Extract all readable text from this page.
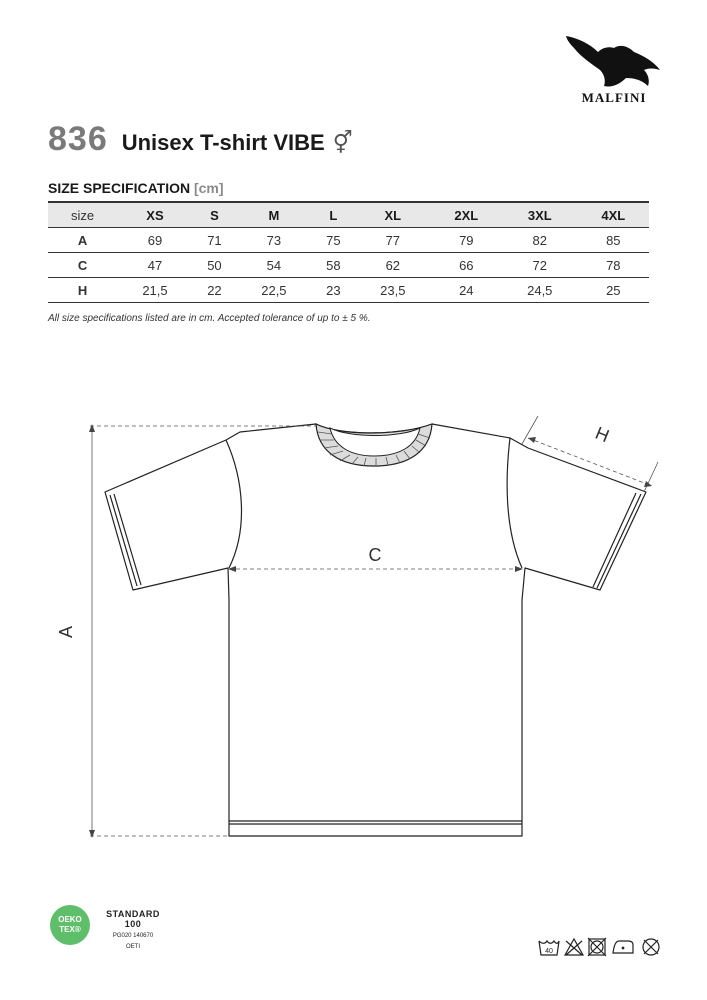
MALFINI
836 Unisex T-shirt VIBE ⚥
SIZE SPECIFICATION [cm]
size	XS	S	M	L	XL	2XL	3XL	4XL
A	69	71	73	75	77	79	82	85
C	47	50	54	58	62	66	72	78
H	21,5	22	22,5	23	23,5	24	24,5	25
All size specifications listed are in cm. Accepted tolerance of up to ± 5 %.
A
C
H
OEKO
TEX®
STANDARD
100
PG020 140670
OETI
40
